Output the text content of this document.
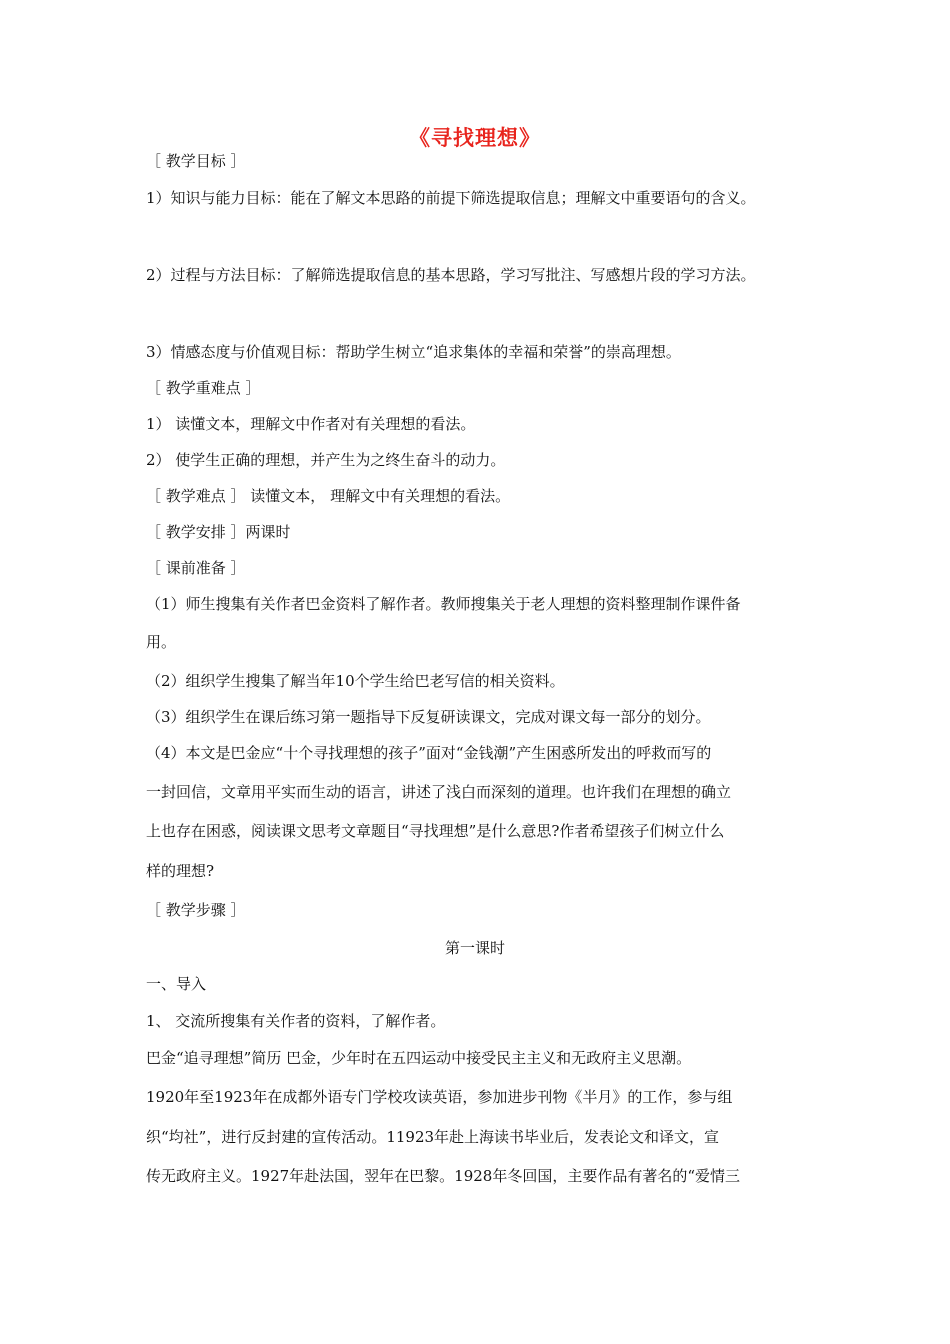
《寻找理想》
［ 教学目标 ］
1）知识与能力目标：能在了解文本思路的前提下筛选提取信息；理解文中重要语句的含义。
2）过程与方法目标：了解筛选提取信息的基本思路，学习写批注、写感想片段的学习方法。
3）情感态度与价值观目标：帮助学生树立“追求集体的幸福和荣誉”的崇高理想。
［ 教学重难点 ］
1） 读懂文本，理解文中作者对有关理想的看法。
2） 使学生正确的理想，并产生为之终生奋斗的动力。
［ 教学难点 ］ 读懂文本， 理解文中有关理想的看法。
［ 教学安排 ］两课时
［ 课前准备 ］
（1）师生搜集有关作者巴金资料了解作者。教师搜集关于老人理想的资料整理制作课件备
用。
（2）组织学生搜集了解当年10个学生给巴老写信的相关资料。
（3）组织学生在课后练习第一题指导下反复研读课文，完成对课文每一部分的划分。
（4）本文是巴金应“十个寻找理想的孩子”面对“金钱潮”产生困惑所发出的呼救而写的
一封回信，文章用平实而生动的语言，讲述了浅白而深刻的道理。也许我们在理想的确立
上也存在困惑，阅读课文思考文章题目“寻找理想”是什么意思?作者希望孩子们树立什么
样的理想?
［ 教学步骤 ］
第一课时
一、导入
1、 交流所搜集有关作者的资料，了解作者。
巴金“追寻理想”简历 巴金，少年时在五四运动中接受民主主义和无政府主义思潮。
1920年至1923年在成都外语专门学校攻读英语，参加进步刊物《半月》的工作，参与组
织“均社”，进行反封建的宣传活动。11923年赴上海读书毕业后，发表论文和译文，宣
传无政府主义。1927年赴法国，翌年在巴黎。1928年冬回国，主要作品有著名的“爱情三
